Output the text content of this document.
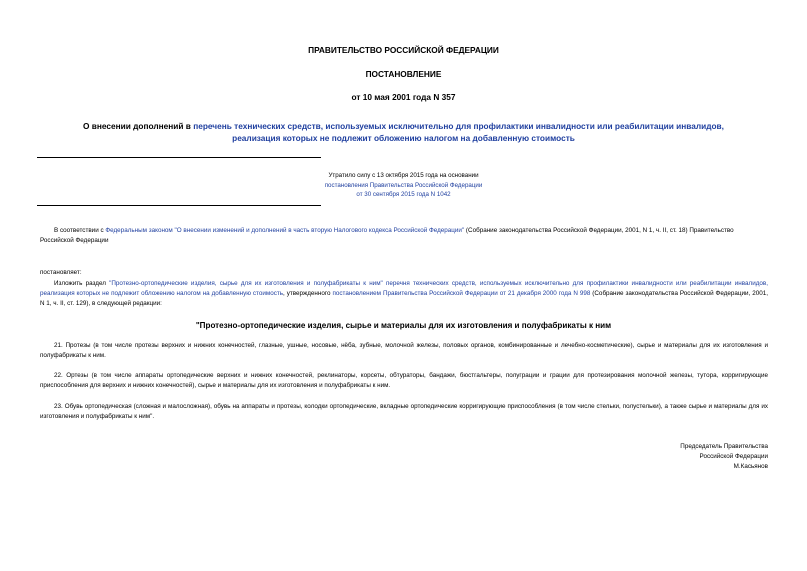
ПРАВИТЕЛЬСТВО РОССИЙСКОЙ ФЕДЕРАЦИИ
ПОСТАНОВЛЕНИЕ
от 10 мая 2001 года N 357
О внесении дополнений в перечень технических средств, используемых исключительно для профилактики инвалидности или реабилитации инвалидов,
реализация которых не подлежит обложению налогом на добавленную стоимость
Утратило силу с 13 октября 2015 года на основании
постановления Правительства Российской Федерации
от 30 сентября 2015 года N 1042

В соответствии с Федеральным законом "О внесении изменений и дополнений в часть вторую Налогового кодекса Российской Федерации" (Собрание законодательства Российской Федерации, 2001, N 1, ч. II, ст. 18) Правительство Российской Федерации

постановляет:

Изложить раздел "Протезно-ортопедические изделия, сырье для их изготовления и полуфабрикаты к ним" перечня технических средств, используемых исключительно для профилактики инвалидности или реабилитации инвалидов, реализация которых не подлежит обложению налогом на добавленную стоимость, утвержденного постановлением Правительства Российской Федерации от 21 декабря 2000 года N 998 (Собрание законодательства Российской Федерации, 2001, N 1, ч. II, ст. 129), в следующей редакции:

"Протезно-ортопедические изделия, сырье и материалы для их изготовления и полуфабрикаты к ним

21. Протезы (в том числе протезы верхних и нижних конечностей, глазные, ушные, носовые, нёба, зубные, молочной железы, половых органов, комбинированные и лечебно-косметические), сырье и материалы для их изготовления и полуфабрикаты к ним.

22. Ортезы (в том числе аппараты ортопедические верхних и нижних конечностей, реклинаторы, корсеты, обтураторы, бандажи, бюстгальтеры, полуграции и грации для протезирования молочной железы, тутора, корригирующие приспособления для верхних и нижних конечностей), сырье и материалы для их изготовления и полуфабрикаты к ним.

23. Обувь ортопедическая (сложная и малосложная), обувь на аппараты и протезы, колодки ортопедические, вкладные ортопедические корригирующие приспособления (в том числе стельки, полустельки), а также сырье и материалы для их изготовления и полуфабрикаты к ним".

Председатель Правительства
Российской Федерации
М.Касьянов
